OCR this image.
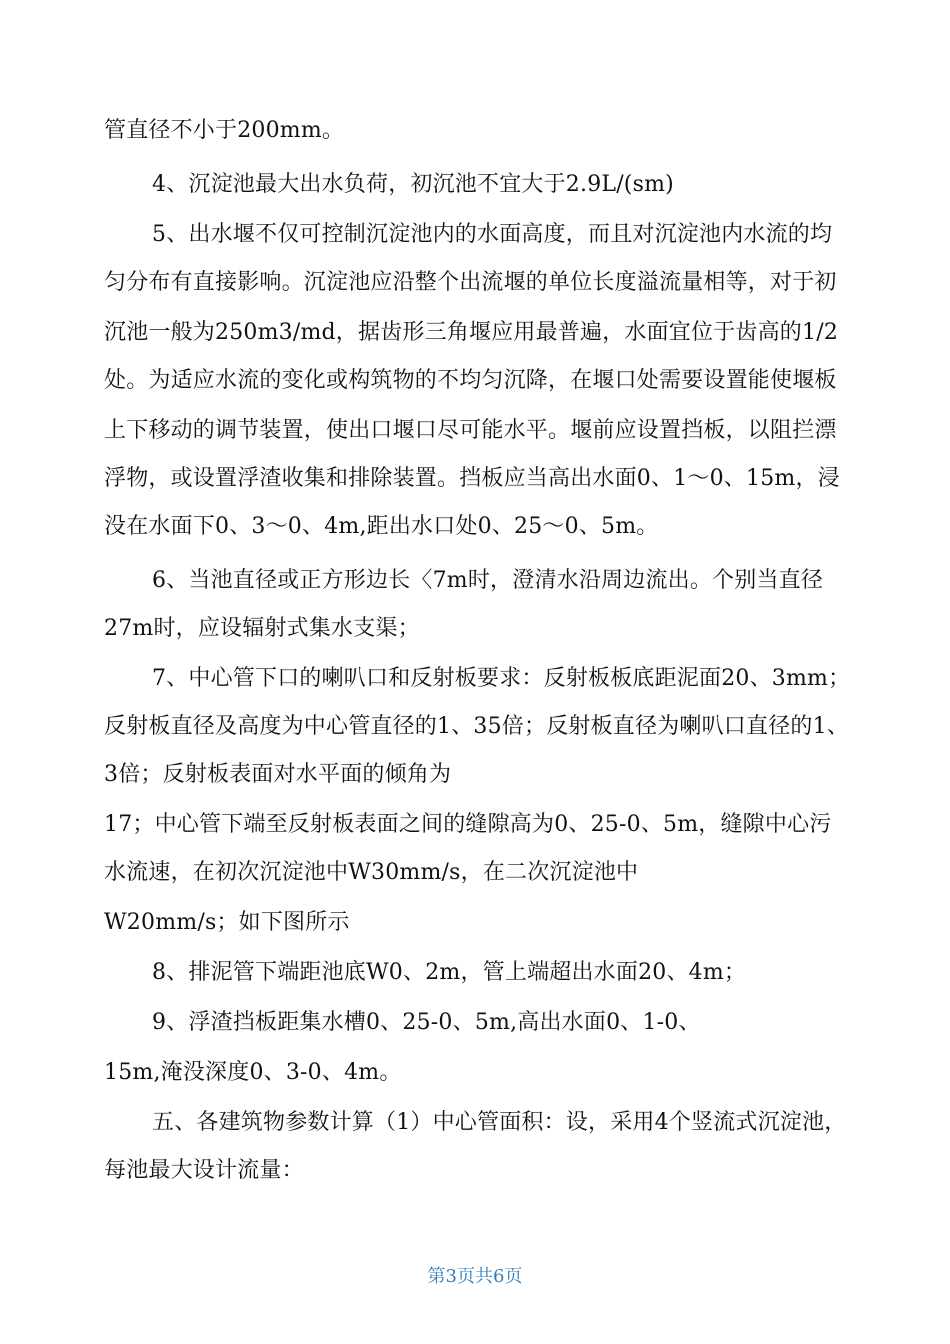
管直径不小于200mm。
4、沉淀池最大出水负荷，初沉池不宜大于2.9L/(sm)
5、出水堰不仅可控制沉淀池内的水面高度，而且对沉淀池内水流的均
匀分布有直接影响。沉淀池应沿整个出流堰的单位长度溢流量相等，对于初
沉池一般为250m3/md，据齿形三角堰应用最普遍，水面宜位于齿高的1/2
处。为适应水流的变化或构筑物的不均匀沉降，在堰口处需要设置能使堰板
上下移动的调节装置，使出口堰口尽可能水平。堰前应设置挡板，以阻拦漂
浮物，或设置浮渣收集和排除装置。挡板应当高出水面0、1〜0、15m，浸
没在水面下0、3〜0、4m,距出水口处0、25〜0、5m。
6、当池直径或正方形边长〈7m时，澄清水沿周边流出。个别当直径
27m时，应设辐射式集水支渠；
7、中心管下口的喇叭口和反射板要求：反射板板底距泥面20、3mm；
反射板直径及高度为中心管直径的1、35倍；反射板直径为喇叭口直径的1、
3倍；反射板表面对水平面的倾角为
17；中心管下端至反射板表面之间的缝隙高为0、25-0、5m，缝隙中心污
水流速，在初次沉淀池中W30mm/s，在二次沉淀池中
W20mm/s；如下图所示
8、排泥管下端距池底W0、2m，管上端超出水面20、4m；
9、浮渣挡板距集水槽0、25-0、5m,高出水面0、1-0、
15m,淹没深度0、3-0、4m。
五、各建筑物参数计算（1）中心管面积：设，采用4个竖流式沉淀池，
每池最大设计流量：
第3页共6页
